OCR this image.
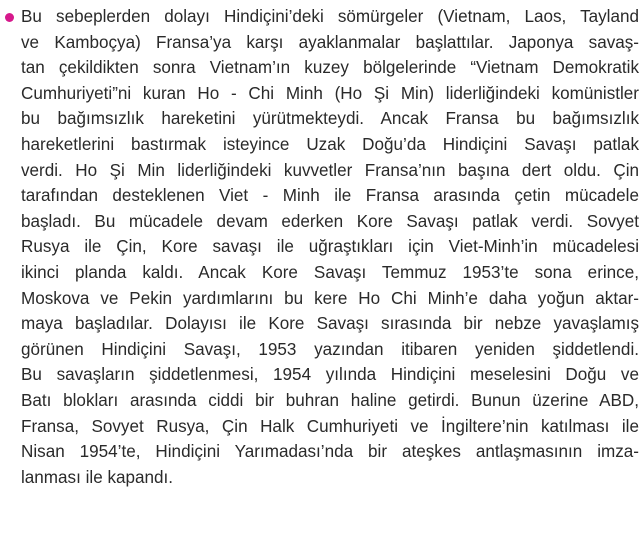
Bu sebeplerden dolayı Hindiçini’deki sömürgeler (Vietnam, Laos, Tayland
ve Kamboçya) Fransa’ya karşı ayaklanmalar başlattılar. Japonya savaş-
tan çekildikten sonra Vietnam’ın kuzey bölgelerinde “Vietnam Demokratik
Cumhuriyeti”ni kuran Ho - Chi Minh (Ho Şi Min) liderliğindeki komünistler
bu bağımsızlık hareketini yürütmekteydi. Ancak Fransa bu bağımsızlık
hareketlerini bastırmak isteyince Uzak Doğu’da Hindiçini Savaşı patlak
verdi. Ho Şi Min liderliğindeki kuvvetler Fransa’nın başına dert oldu. Çin
tarafından desteklenen Viet - Minh ile Fransa arasında çetin mücadele
başladı. Bu mücadele devam ederken Kore Savaşı patlak verdi. Sovyet
Rusya ile Çin, Kore savaşı ile uğraştıkları için Viet-Minh’in mücadelesi
ikinci planda kaldı. Ancak Kore Savaşı Temmuz 1953’te sona erince,
Moskova ve Pekin yardımlarını bu kere Ho Chi Minh’e daha yoğun aktar-
maya başladılar. Dolayısı ile Kore Savaşı sırasında bir nebze yavaşlamış
görünen Hindiçini Savaşı, 1953 yazından itibaren yeniden şiddetlendi.
Bu savaşların şiddetlenmesi, 1954 yılında Hindiçini meselesini Doğu ve
Batı blokları arasında ciddi bir buhran haline getirdi. Bunun üzerine ABD,
Fransa, Sovyet Rusya, Çin Halk Cumhuriyeti ve İngiltere’nin katılması ile
Nisan 1954’te, Hindiçini Yarımadası’nda bir ateşkes antlaşmasının imza-
lanması ile kapandı.
